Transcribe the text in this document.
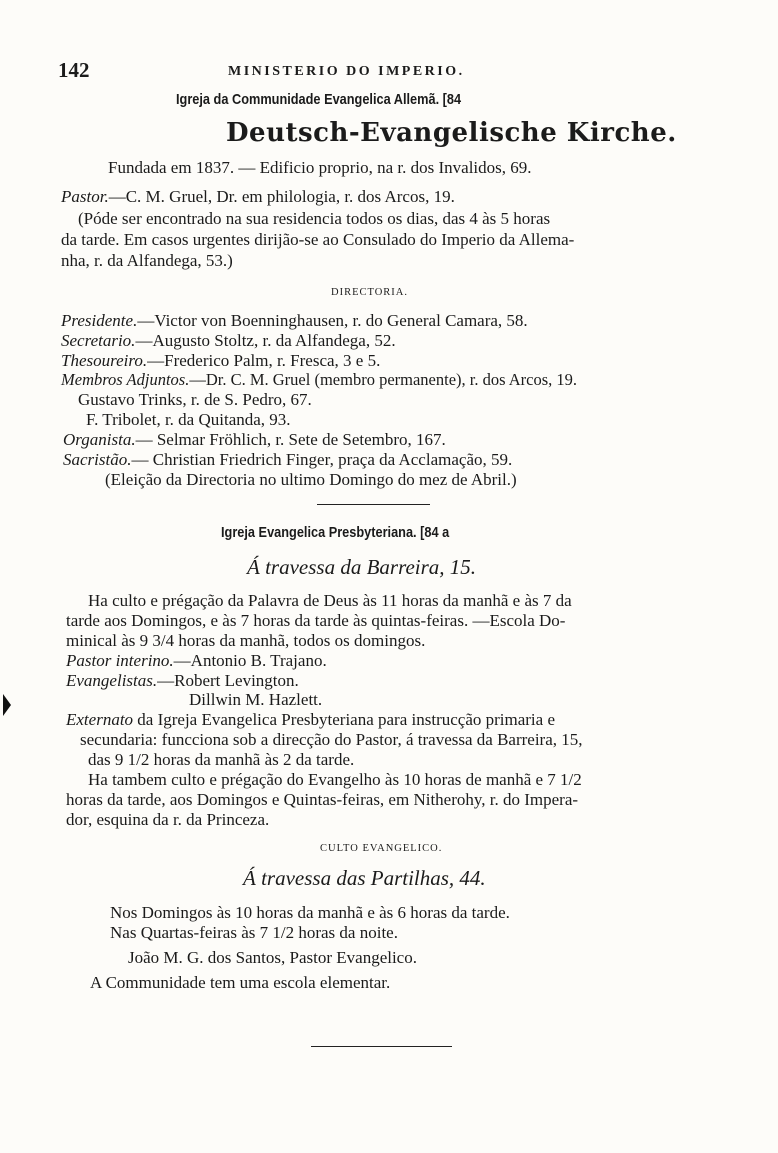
142	MINISTERIO DO IMPERIO.
Igreja da Communidade Evangelica Allemã. [84
Deutsch-Evangelische Kirche.
Fundada em 1837. — Edificio proprio, na r. dos Invalidos, 69.
Pastor.—C. M. Gruel, Dr. em philologia, r. dos Arcos, 19.
(Póde ser encontrado na sua residencia todos os dias, das 4 às 5 horas
da tarde. Em casos urgentes dirijão-se ao Consulado do Imperio da Allema-
nha, r. da Alfandega, 53.)
DIRECTORIA.
Presidente.—Victor von Boenninghausen, r. do General Camara, 58.
Secretario.—Augusto Stoltz, r. da Alfandega, 52.
Thesoureiro.—Frederico Palm, r. Fresca, 3 e 5.
Membros Adjuntos.—Dr. C. M. Gruel (membro permanente), r. dos Arcos, 19.
Gustavo Trinks, r. de S. Pedro, 67.
F. Tribolet, r. da Quitanda, 93.
Organista.— Selmar Fröhlich, r. Sete de Setembro, 167.
Sacristão.— Christian Friedrich Finger, praça da Acclamação, 59.
(Eleição da Directoria no ultimo Domingo do mez de Abril.)
Igreja Evangelica Presbyteriana. [84 a
Á travessa da Barreira, 15.
Ha culto e prégação da Palavra de Deus às 11 horas da manhã e às 7 da
tarde aos Domingos, e às 7 horas da tarde às quintas-feiras. —Escola Do-
minical às 9 3/4 horas da manhã, todos os domingos.
Pastor interino.—Antonio B. Trajano.
Evangelistas.—Robert Levington.
Dillwin M. Hazlett.
Externato da Igreja Evangelica Presbyteriana para instrucção primaria e
secundaria: funcciona sob a direcção do Pastor, á travessa da Barreira, 15,
das 9 1/2 horas da manhã às 2 da tarde.
Ha tambem culto e prégação do Evangelho às 10 horas de manhã e 7 1/2
horas da tarde, aos Domingos e Quintas-feiras, em Nitherohy, r. do Impera-
dor, esquina da r. da Princeza.
CULTO EVANGELICO.
Á travessa das Partilhas, 44.
Nos Domingos às 10 horas da manhã e às 6 horas da tarde.
Nas Quartas-feiras às 7 1/2 horas da noite.
João M. G. dos Santos, Pastor Evangelico.
A Communidade tem uma escola elementar.
